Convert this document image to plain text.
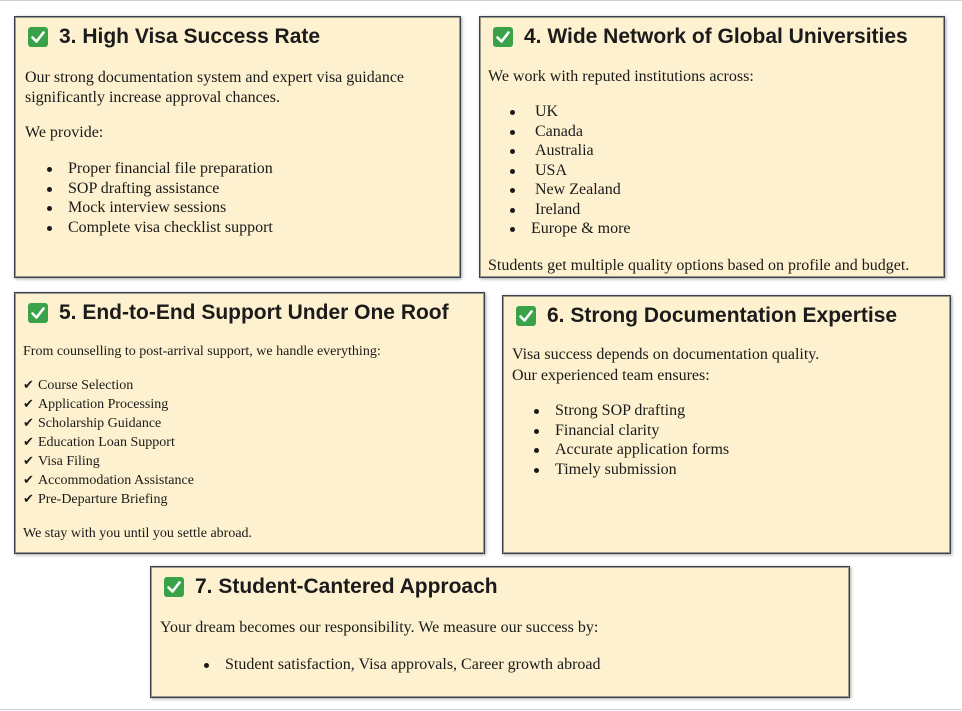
3. High Visa Success Rate
Our strong documentation system and expert visa guidance
significantly increase approval chances.
We provide:
Proper financial file preparation
SOP drafting assistance
Mock interview sessions
Complete visa checklist support
4. Wide Network of Global Universities
We work with reputed institutions across:
UK
Canada
Australia
USA
New Zealand
Ireland
Europe & more
Students get multiple quality options based on profile and budget.
5. End-to-End Support Under One Roof
From counselling to post-arrival support, we handle everything:
✔ Course Selection
✔ Application Processing
✔ Scholarship Guidance
✔ Education Loan Support
✔ Visa Filing
✔ Accommodation Assistance
✔ Pre-Departure Briefing
We stay with you until you settle abroad.
6. Strong Documentation Expertise
Visa success depends on documentation quality.
Our experienced team ensures:
Strong SOP drafting
Financial clarity
Accurate application forms
Timely submission
7. Student-Cantered Approach
Your dream becomes our responsibility. We measure our success by:
Student satisfaction, Visa approvals, Career growth abroad
